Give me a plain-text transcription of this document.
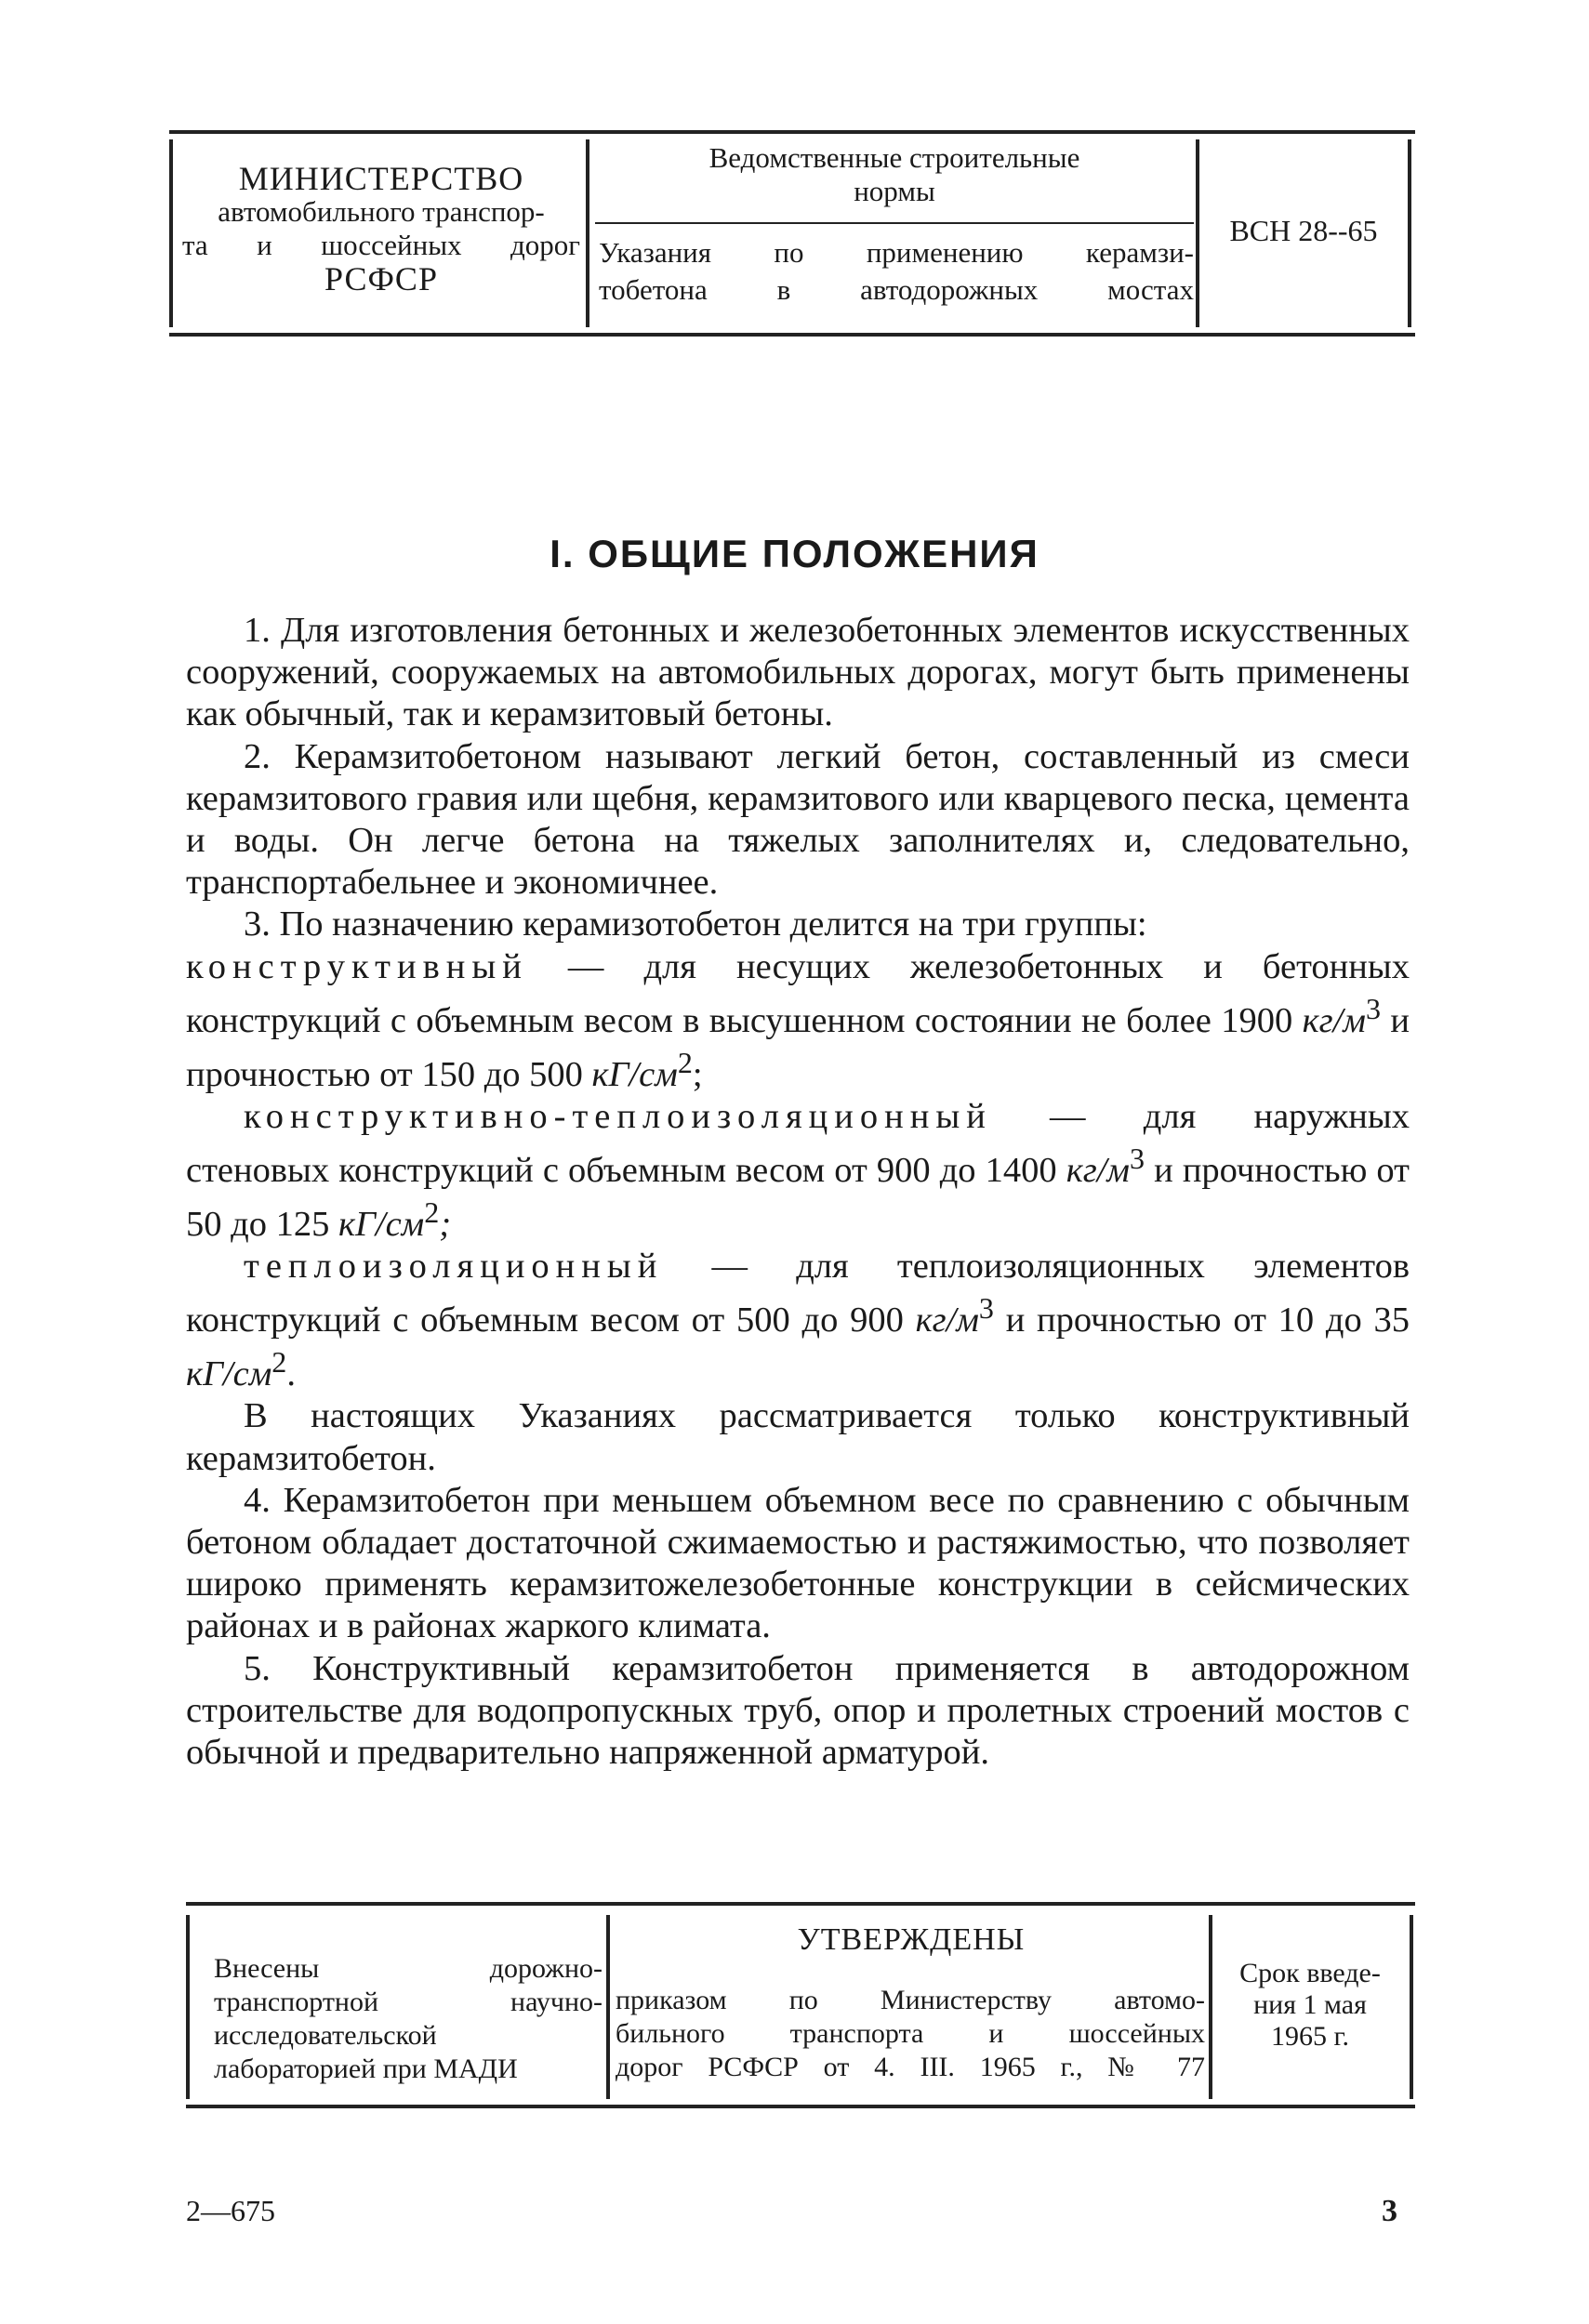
МИНИСТЕРСТВО
автомобильного транспор-
та и шоссейных дорог
РСФСР
Ведомственные строительные
нормы
Указания по применению керамзи-
тобетона в автодорожных мостах
ВСН 28--65
I. ОБЩИЕ ПОЛОЖЕНИЯ

1. Для изготовления бетонных и железобетонных элементов искусственных сооружений, сооружаемых на автомобильных дорогах, могут быть применены как обычный, так и керамзитовый бетоны.

2. Керамзитобетоном называют легкий бетон, составленный из смеси керамзитового гравия или щебня, керамзитового или кварцевого песка, цемента и воды. Он легче бетона на тяжелых заполнителях и, следовательно, транспортабельнее и экономичнее.

3. По назначению керамизотобетон делится на три группы:

конструктивный — для несущих железобетонных и бетонных конструкций с объемным весом в высушенном состоянии не более 1900 $кг/м^3$ и прочностью от 150 до 500 $кГ/см^2$;

конструктивно-теплоизоляционный — для наружных стеновых конструкций с объемным весом от 900 до 1400 $кг/м^3$ и прочностью от 50 до 125 $кГ/см^2$;

теплоизоляционный — для теплоизоляционных элементов конструкций с объемным весом от 500 до 900 $кг/м^3$ и прочностью от 10 до 35 $кГ/см^2$.

В настоящих Указаниях рассматривается только конструктивный керамзитобетон.

4. Керамзитобетон при меньшем объемном весе по сравнению с обычным бетоном обладает достаточной сжимаемостью и растяжимостью, что позволяет широко применять керамзитожелезобетонные конструкции в сейсмических районах и в районах жаркого климата.

5. Конструктивный керамзитобетон применяется в автодорожном строительстве для водопропускных труб, опор и пролетных строений мостов с обычной и предварительно напряженной арматурой.

Внесены дорожно-транспортной научно-исследовательской лабораторией при МАДИ
УТВЕРЖДЕНЫ
приказом по Министерству автомо-
бильного транспорта и шоссейных
дорог РСФСР от 4. III. 1965 г., № 77
Срок введе-
ния 1 мая
1965 г.
2—675	3
